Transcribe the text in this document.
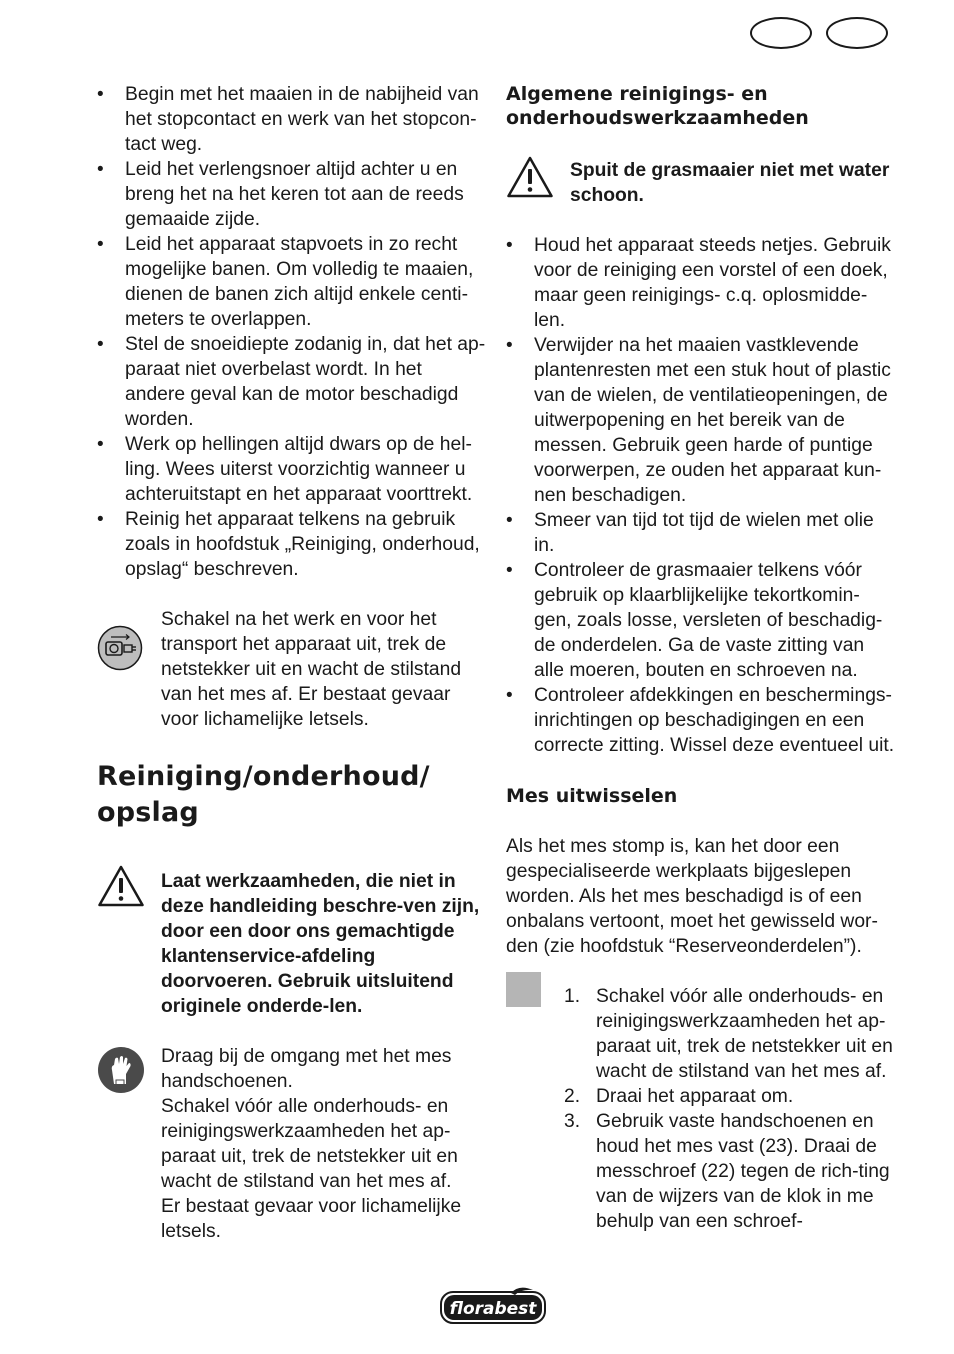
• Begin met het maaien in de nabijheid van het stopcontact en werk van het stopcon-tact weg.
• Leid het verlengsnoer altijd achter u en breng het na het keren tot aan de reeds gemaaide zijde.
• Leid het apparaat stapvoets in zo recht mogelijke banen. Om volledig te maaien, dienen de banen zich altijd enkele centi-meters te overlappen.
• Stel de snoeidiepte zodanig in, dat het ap-paraat niet overbelast wordt. In het andere geval kan de motor beschadigd worden.
• Werk op hellingen altijd dwars op de hel-ling. Wees uiterst voorzichtig wanneer u achteruitstapt en het apparaat voorttrekt.
• Reinig het apparaat telkens na gebruik zoals in hoofdstuk „Reiniging, onderhoud, opslag“ beschreven.
Schakel na het werk en voor het transport het apparaat uit, trek de netstekker uit en wacht de stilstand van het mes af. Er bestaat gevaar voor lichamelijke letsels.
Reiniging/onderhoud/
opslag
Laat werkzaamheden, die niet in deze handleiding beschre-ven zijn, door een door ons gemachtigde klantenservice-afdeling doorvoeren. Gebruik uitsluitend originele onderde-len.
Draag bij de omgang met het mes handschoenen.
Schakel vóór alle onderhouds- en reinigingswerkzaamheden het ap-paraat uit, trek de netstekker uit en wacht de stilstand van het mes af.
Er bestaat gevaar voor lichamelijke letsels.
Algemene reinigings- en onderhoudswerkzaamheden
Spuit de grasmaaier niet met water schoon.
• Houd het apparaat steeds netjes. Gebruik voor de reiniging een vorstel of een doek, maar geen reinigings- c.q. oplosmidde-len.
• Verwijder na het maaien vastklevende plantenresten met een stuk hout of plastic van de wielen, de ventilatieopeningen, de uitwerpopening en het bereik van de messen. Gebruik geen harde of puntige voorwerpen, ze ouden het apparaat kun-nen beschadigen.
• Smeer van tijd tot tijd de wielen met olie in.
• Controleer de grasmaaier telkens vóór gebruik op klaarblijkelijke tekortkomin-gen, zoals losse, versleten of beschadig-de onderdelen. Ga de vaste zitting van alle moeren, bouten en schroeven na.
• Controleer afdekkingen en beschermings-inrichtingen op beschadigingen en een correcte zitting. Wissel deze eventueel uit.
Mes uitwisselen

Als het mes stomp is, kan het door een gespecialiseerde werkplaats bijgeslepen worden. Als het mes beschadigd is of een onbalans vertoont, moet het gewisseld wor-den (zie hoofdstuk “Reserveonderdelen”).

1. Schakel vóór alle onderhouds- en reinigingswerkzaamheden het ap-paraat uit, trek de netstekker uit en wacht de stilstand van het mes af.
2. Draai het apparaat om.
3. Gebruik vaste handschoenen en houd het mes vast (23). Draai de messchroef (22) tegen de rich-ting van de wijzers van de klok in me behulp van een schroef-
florabest
